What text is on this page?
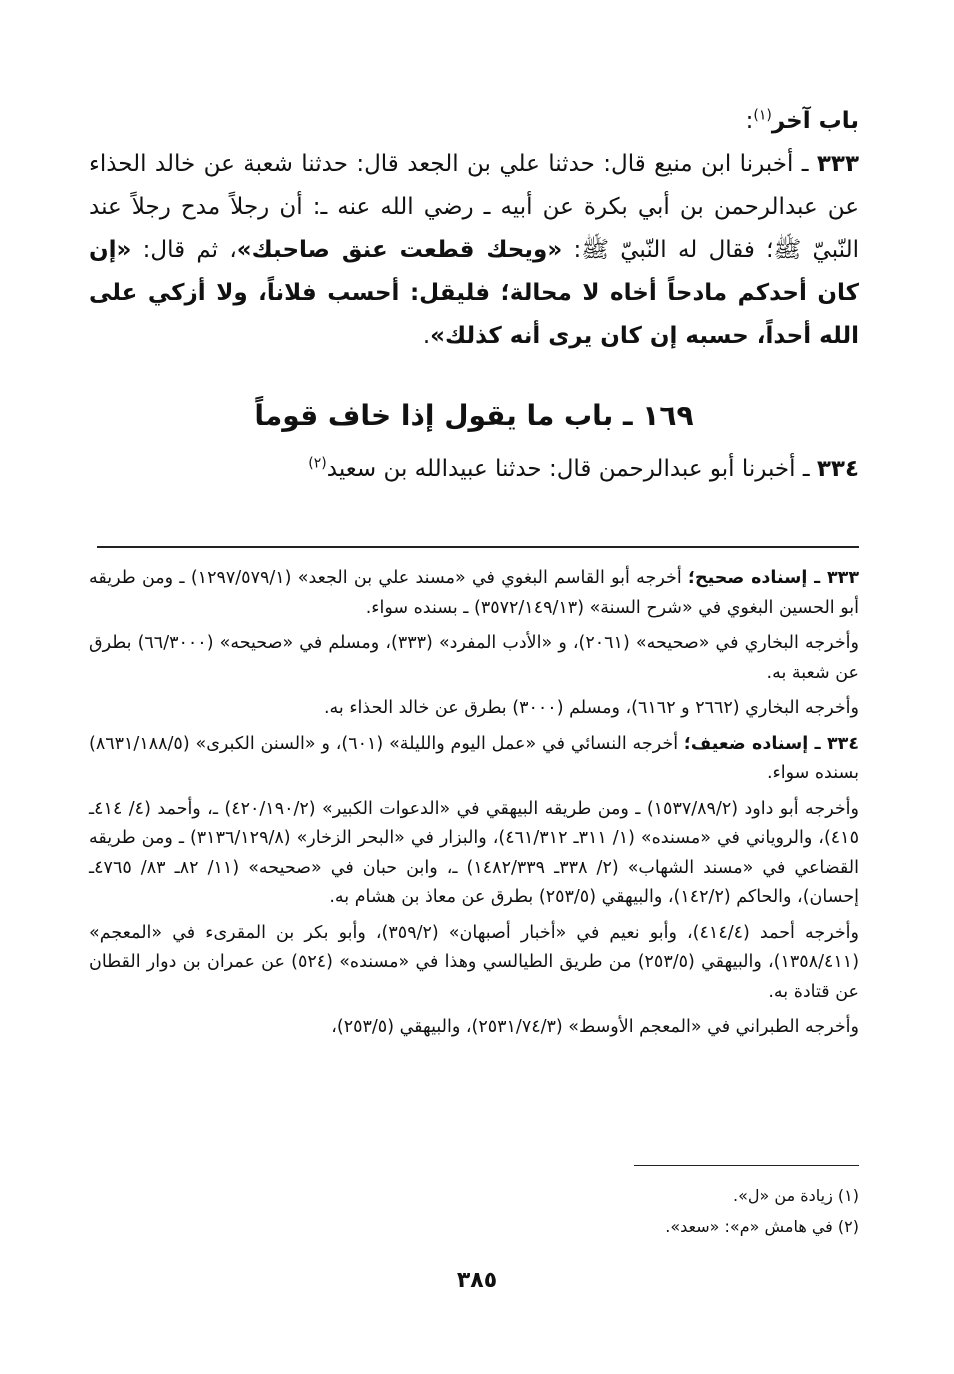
باب آخر$^{(١)}$:

٣٣٣ ـ أخبرنا ابن منيع قال: حدثنا علي بن الجعد قال: حدثنا شعبة عن خالد الحذاء عن عبدالرحمن بن أبي بكرة عن أبيه ـ رضي الله عنه ـ: أن رجلاً مدح رجلاً عند النّبيّ ﷺ؛ فقال له النّبيّ ﷺ: «ويحك قطعت عنق صاحبك»، ثم قال: «إن كان أحدكم مادحاً أخاه لا محالة؛ فليقل: أحسب فلاناً، ولا أزكي على الله أحداً، حسبه إن كان يرى أنه كذلك».

١٦٩ ـ باب ما يقول إذا خاف قوماً

٣٣٤ ـ أخبرنا أبو عبدالرحمن قال: حدثنا عبيدالله بن سعيد$^{(٢)}$

٣٣٣ ـ إسناده صحيح؛ أخرجه أبو القاسم البغوي في «مسند علي بن الجعد» (١٢٩٧/٥٧٩/١) ـ ومن طريقه أبو الحسين البغوي في «شرح السنة» (٣٥٧٢/١٤٩/١٣) ـ بسنده سواء.

وأخرجه البخاري في «صحيحه» (٢٠٦١)، و «الأدب المفرد» (٣٣٣)، ومسلم في «صحيحه» (٦٦/٣٠٠٠) بطرق عن شعبة به.

وأخرجه البخاري (٢٦٦٢ و ٦١٦٢)، ومسلم (٣٠٠٠) بطرق عن خالد الحذاء به.

٣٣٤ ـ إسناده ضعيف؛ أخرجه النسائي في «عمل اليوم والليلة» (٦٠١)، و «السنن الكبرى» (٨٦٣١/١٨٨/٥) بسنده سواء.

وأخرجه أبو داود (١٥٣٧/٨٩/٢) ـ ومن طريقه البيهقي في «الدعوات الكبير» (٤٢٠/١٩٠/٢) ـ، وأحمد (٤/ ٤١٤ـ ٤١٥)، والروياني في «مسنده» (١/ ٣١١ـ ٤٦١/٣١٢)، والبزار في «البحر الزخار» (٣١٣٦/١٢٩/٨) ـ ومن طريقه القضاعي في «مسند الشهاب» (٢/ ٣٣٨ـ ١٤٨٢/٣٣٩) ـ، وابن حبان في «صحيحه» (١١/ ٨٢ـ ٨٣/ ٤٧٦٥ـ إحسان)، والحاكم (١٤٢/٢)، والبيهقي (٢٥٣/٥) بطرق عن معاذ بن هشام به.

وأخرجه أحمد (٤١٤/٤)، وأبو نعيم في «أخبار أصبهان» (٣٥٩/٢)، وأبو بكر بن المقرىء في «المعجم» (١٣٥٨/٤١١)، والبيهقي (٢٥٣/٥) من طريق الطيالسي وهذا في «مسنده» (٥٢٤) عن عمران بن دوار القطان عن قتادة به.

وأخرجه الطبراني في «المعجم الأوسط» (٢٥٣١/٧٤/٣)، والبيهقي (٢٥٣/٥)،

(١) زيادة من «ل».

(٢) في هامش «م»: «سعد».

٣٨٥
